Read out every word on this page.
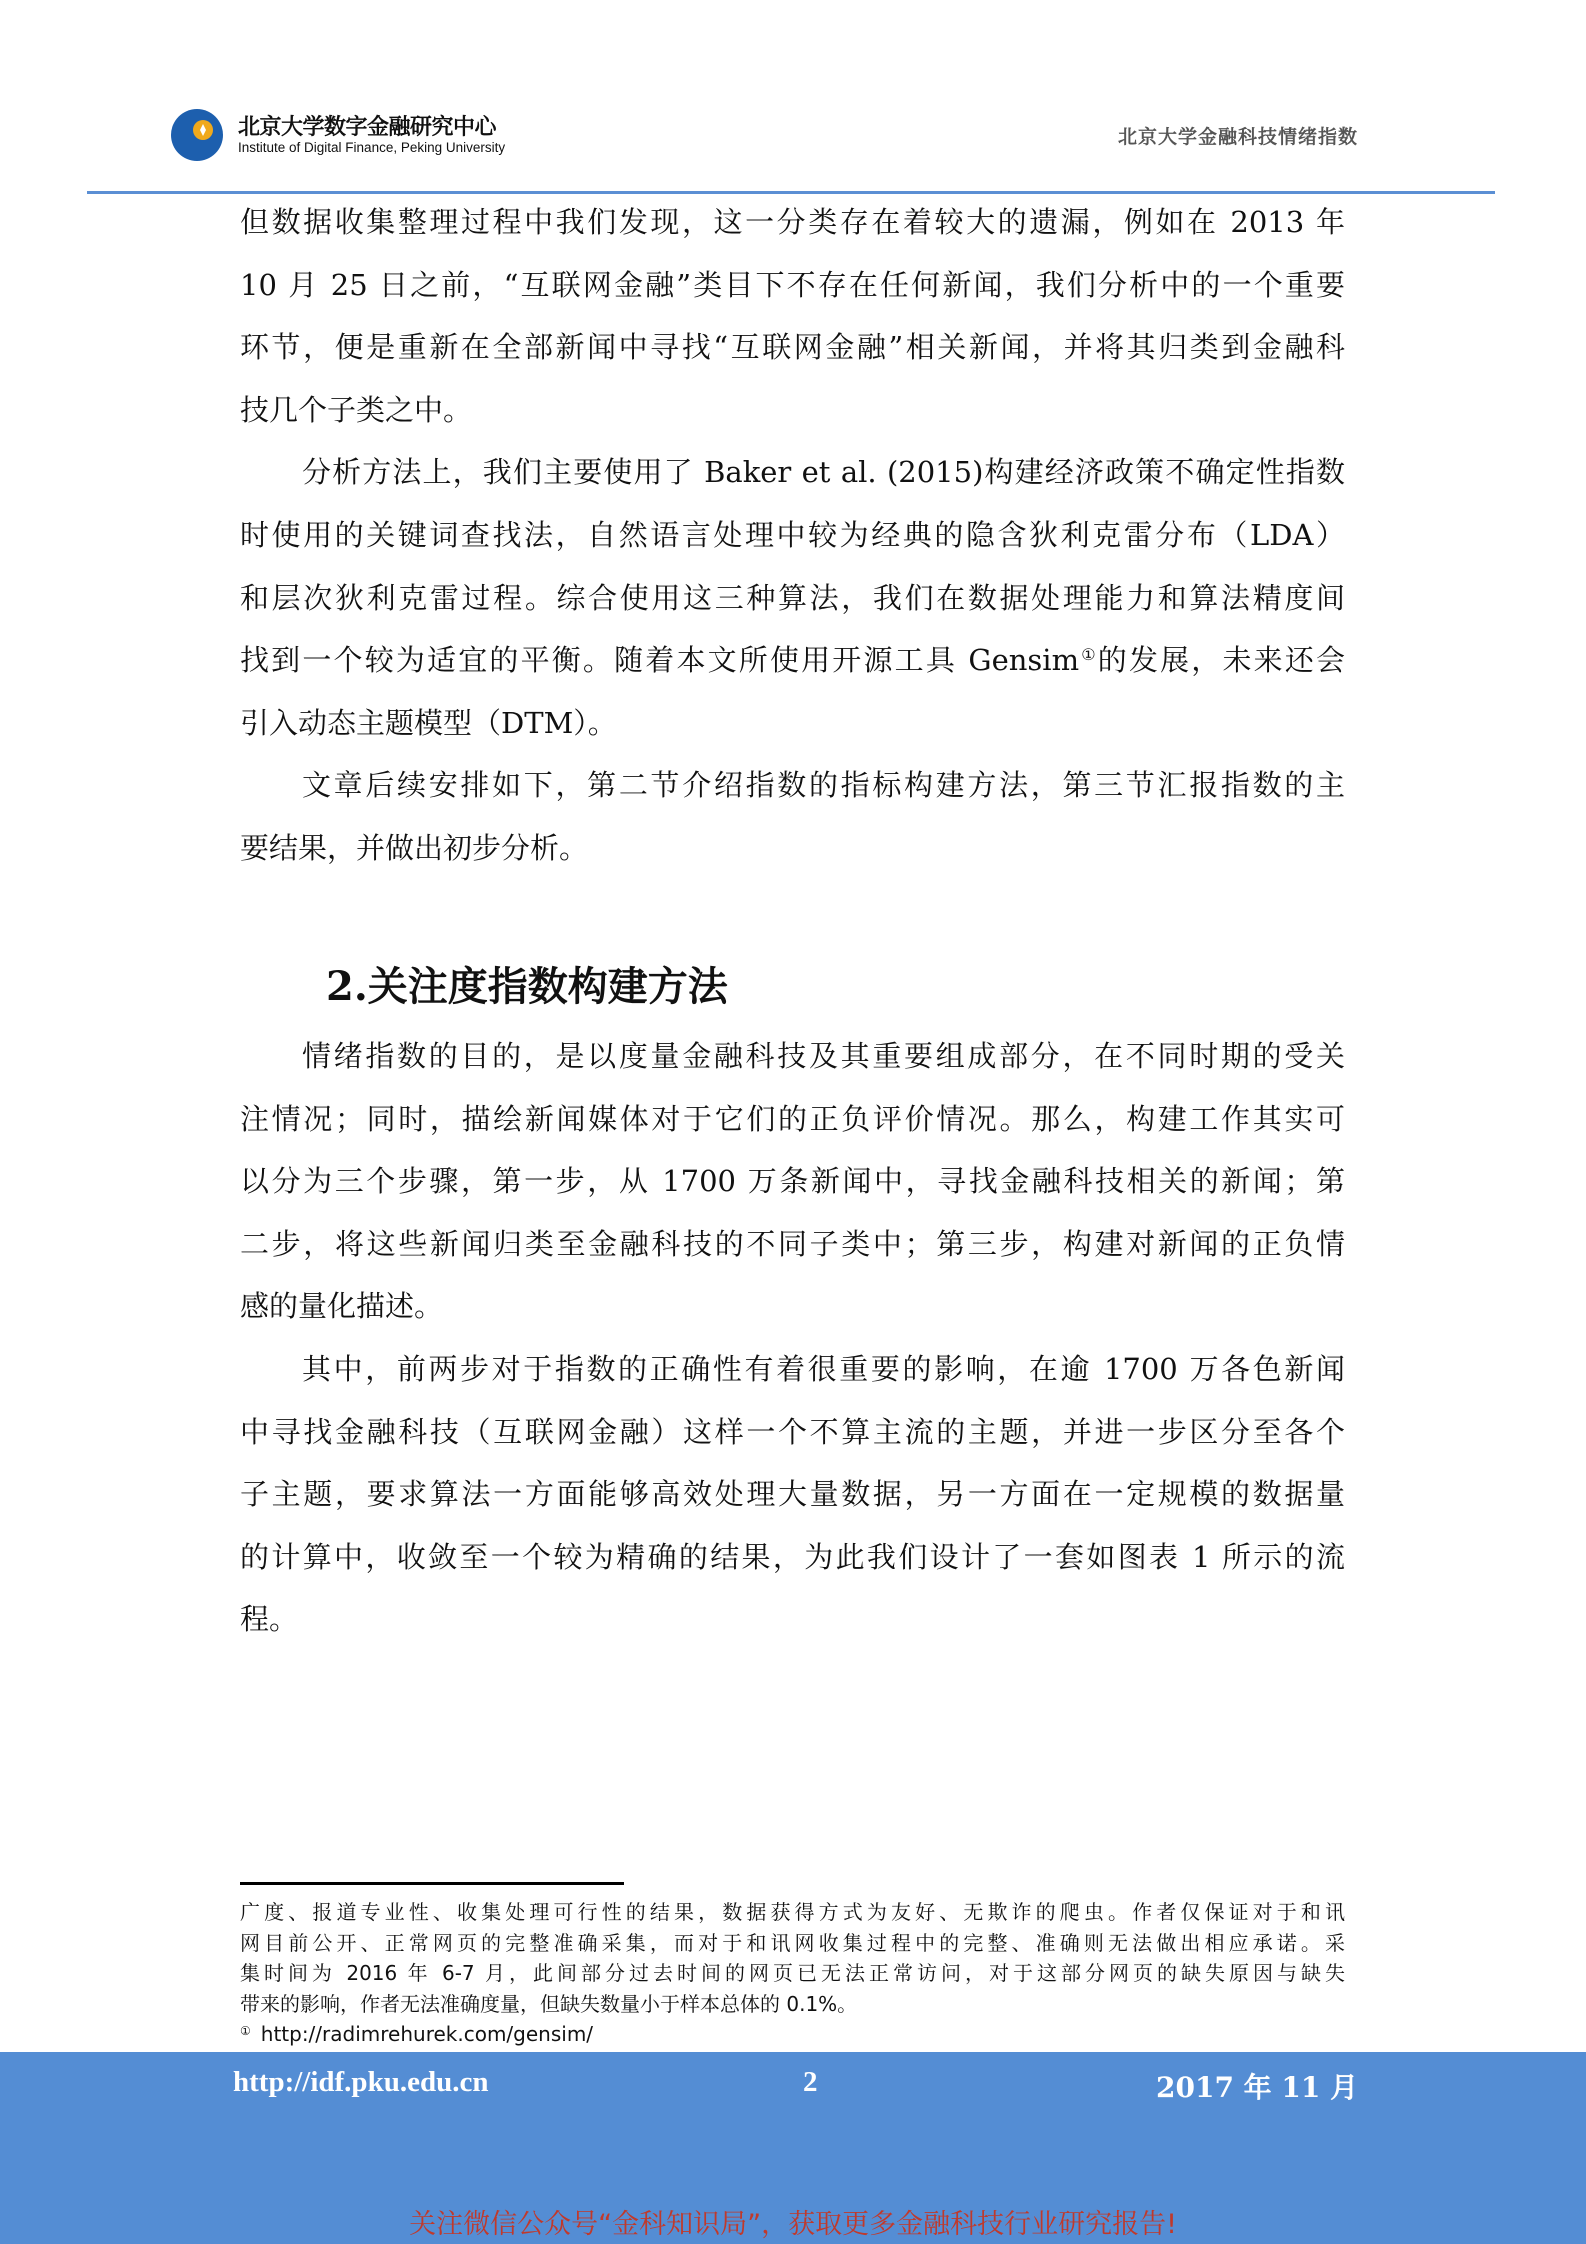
北京大学数字金融研究中心
Institute of Digital Finance, Peking University	北京大学金融科技情绪指数
但数据收集整理过程中我们发现，这一分类存在着较大的遗漏，例如在 2013 年
10 月 25 日之前，“互联网金融”类目下不存在任何新闻，我们分析中的一个重要
环节，便是重新在全部新闻中寻找“互联网金融”相关新闻，并将其归类到金融科
技几个子类之中。
分析方法上，我们主要使用了 Baker et al. (2015)构建经济政策不确定性指数
时使用的关键词查找法，自然语言处理中较为经典的隐含狄利克雷分布（LDA）
和层次狄利克雷过程。综合使用这三种算法，我们在数据处理能力和算法精度间
找到一个较为适宜的平衡。随着本文所使用开源工具 Gensim①的发展，未来还会
引入动态主题模型（DTM）。
文章后续安排如下，第二节介绍指数的指标构建方法，第三节汇报指数的主
要结果，并做出初步分析。
2.关注度指数构建方法
情绪指数的目的，是以度量金融科技及其重要组成部分，在不同时期的受关
注情况；同时，描绘新闻媒体对于它们的正负评价情况。那么，构建工作其实可
以分为三个步骤，第一步，从 1700 万条新闻中，寻找金融科技相关的新闻；第
二步，将这些新闻归类至金融科技的不同子类中；第三步，构建对新闻的正负情
感的量化描述。
其中，前两步对于指数的正确性有着很重要的影响，在逾 1700 万各色新闻
中寻找金融科技（互联网金融）这样一个不算主流的主题，并进一步区分至各个
子主题，要求算法一方面能够高效处理大量数据，另一方面在一定规模的数据量
的计算中，收敛至一个较为精确的结果，为此我们设计了一套如图表 1 所示的流
程。
广度、报道专业性、收集处理可行性的结果，数据获得方式为友好、无欺诈的爬虫。作者仅保证对于和讯
网目前公开、正常网页的完整准确采集，而对于和讯网收集过程中的完整、准确则无法做出相应承诺。采
集时间为 2016 年 6-7 月，此间部分过去时间的网页已无法正常访问，对于这部分网页的缺失原因与缺失
带来的影响，作者无法准确度量，但缺失数量小于样本总体的 0.1%。
① http://radimrehurek.com/gensim/
http://idf.pku.edu.cn	2	2017 年 11 月
关注微信公众号“金科知识局”，获取更多金融科技行业研究报告!
